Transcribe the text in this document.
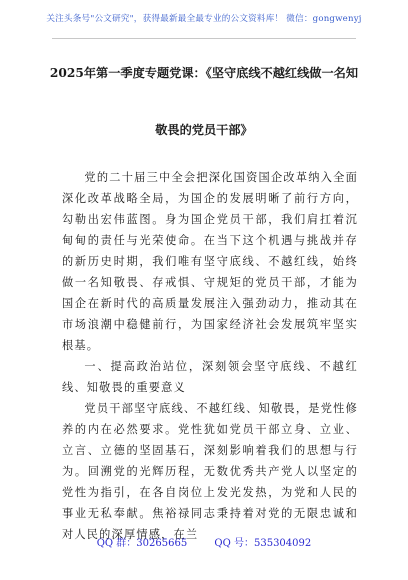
关注头条号"公文研究"，获得最新最全最专业的公文资料库！ 微信：gongwenyj
2025年第一季度专题党课：《坚守底线不越红线做一名知
敬畏的党员干部》

党的二十届三中全会把深化国资国企改革纳入全面深化改革战略全局，为国企的发展明晰了前行方向，勾勒出宏伟蓝图。身为国企党员干部，我们肩扛着沉甸甸的责任与光荣使命。在当下这个机遇与挑战并存的新历史时期，我们唯有坚守底线、不越红线，始终做一名知敬畏、存戒惧、守规矩的党员干部，才能为国企在新时代的高质量发展注入强劲动力，推动其在市场浪潮中稳健前行，为国家经济社会发展筑牢坚实根基。

一、提高政治站位，深刻领会坚守底线、不越红线、知敬畏的重要意义

党员干部坚守底线、不越红线、知敬畏，是党性修养的内在必然要求。党性犹如党员干部立身、立业、立言、立德的坚固基石，深刻影响着我们的思想与行为。回溯党的光辉历程，无数优秀共产党人以坚定的党性为指引，在各自岗位上发光发热，为党和人民的事业无私奉献。焦裕禄同志秉持着对党的无限忠诚和对人民的深厚情感，在兰

QQ 群：30265665	QQ 号：535304092
